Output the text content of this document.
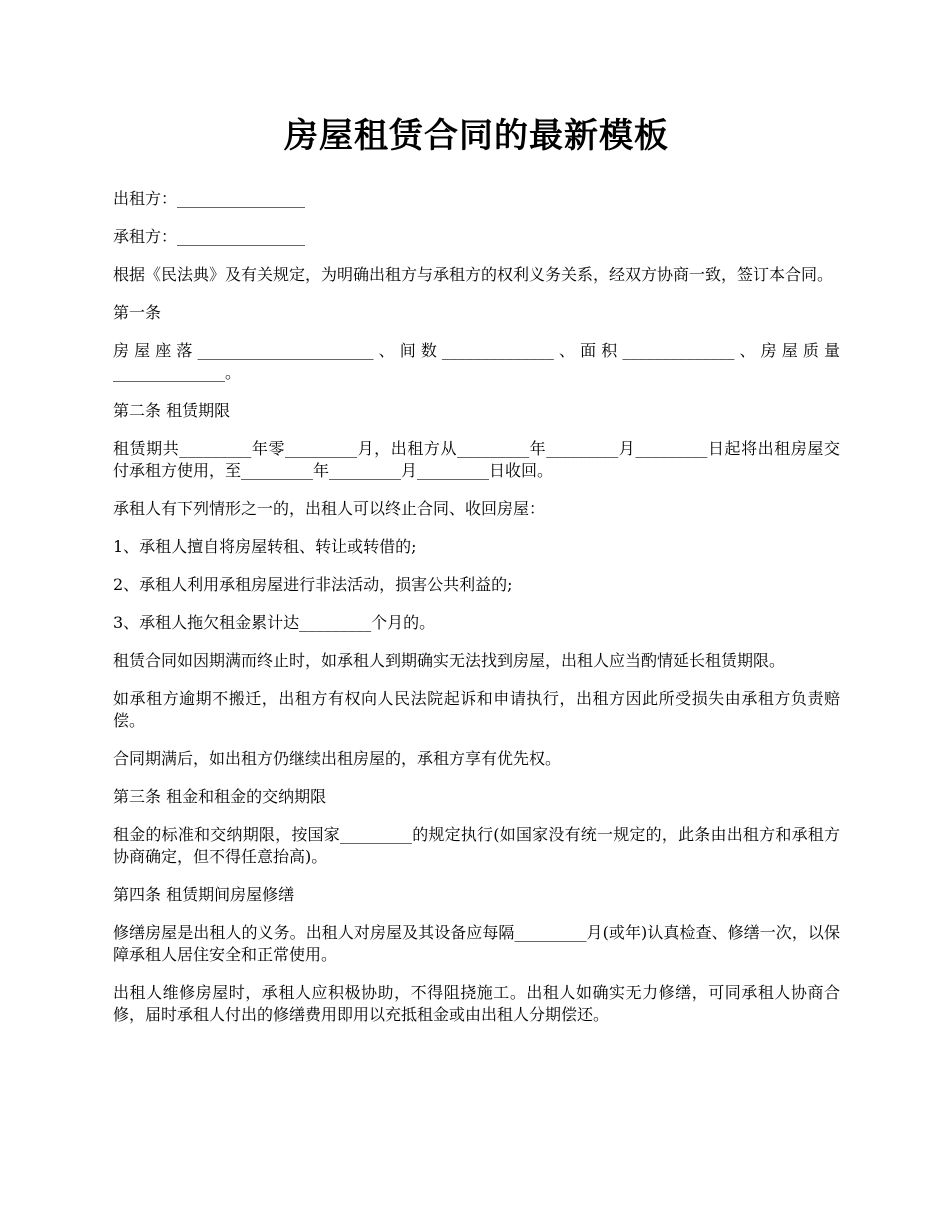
房屋租赁合同的最新模板

出租方：________________

承租方：________________

根据《民法典》及有关规定，为明确出租方与承租方的权利义务关系，经双方协商一致，签订本合同。

第一条

房屋座落______________________、间数______________、面积______________、房屋质量______________。

第二条 租赁期限

租赁期共_________年零_________月，出租方从_________年_________月_________日起将出租房屋交付承租方使用，至_________年_________月_________日收回。

承租人有下列情形之一的，出租人可以终止合同、收回房屋：

1、承租人擅自将房屋转租、转让或转借的;

2、承租人利用承租房屋进行非法活动，损害公共利益的;

3、承租人拖欠租金累计达_________个月的。

租赁合同如因期满而终止时，如承租人到期确实无法找到房屋，出租人应当酌情延长租赁期限。

如承租方逾期不搬迁，出租方有权向人民法院起诉和申请执行，出租方因此所受损失由承租方负责赔偿。

合同期满后，如出租方仍继续出租房屋的，承租方享有优先权。

第三条 租金和租金的交纳期限

租金的标准和交纳期限，按国家_________的规定执行(如国家没有统一规定的，此条由出租方和承租方协商确定，但不得任意抬高)。

第四条 租赁期间房屋修缮

修缮房屋是出租人的义务。出租人对房屋及其设备应每隔_________月(或年)认真检查、修缮一次，以保障承租人居住安全和正常使用。

出租人维修房屋时，承租人应积极协助，不得阻挠施工。出租人如确实无力修缮，可同承租人协商合修，届时承租人付出的修缮费用即用以充抵租金或由出租人分期偿还。
